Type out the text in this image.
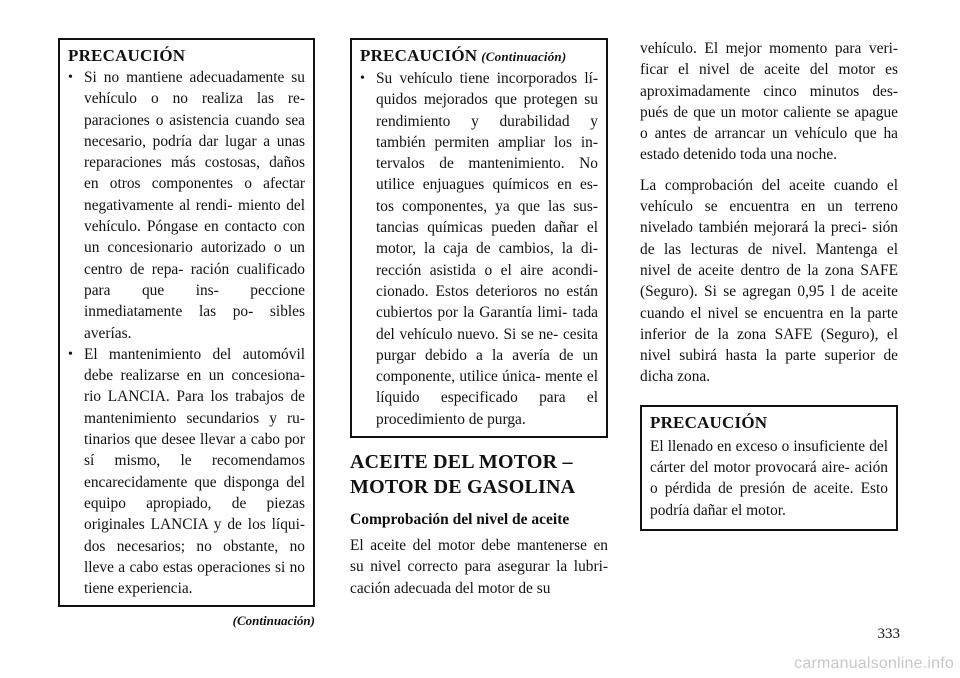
PRECAUCIÓN
• Si no mantiene adecuadamente su vehículo o no realiza las re- paraciones o asistencia cuando sea necesario, podría dar lugar a unas reparaciones más costosas, daños en otros componentes o afectar negativamente al rendi- miento del vehículo. Póngase en contacto con un concesionario autorizado o un centro de repa- ración cualificado para que ins- peccione inmediatamente las po- sibles averías.
• El mantenimiento del automóvil debe realizarse en un concesiona- rio LANCIA. Para los trabajos de mantenimiento secundarios y ru- tinarios que desee llevar a cabo por sí mismo, le recomendamos encarecidamente que disponga del equipo apropiado, de piezas originales LANCIA y de los líqui- dos necesarios; no obstante, no lleve a cabo estas operaciones si no tiene experiencia.
(Continuación)
PRECAUCIÓN (Continuación)
• Su vehículo tiene incorporados lí- quidos mejorados que protegen su rendimiento y durabilidad y también permiten ampliar los in- tervalos de mantenimiento. No utilice enjuagues químicos en es- tos componentes, ya que las sus- tancias químicas pueden dañar el motor, la caja de cambios, la di- rección asistida o el aire acondi- cionado. Estos deterioros no están cubiertos por la Garantía limi- tada del vehículo nuevo. Si se ne- cesita purgar debido a la avería de un componente, utilice única- mente el líquido especificado para el procedimiento de purga.
ACEITE DEL MOTOR –
MOTOR DE GASOLINA
Comprobación del nivel de aceite

El aceite del motor debe mantenerse en su nivel correcto para asegurar la lubri- cación adecuada del motor de su

vehículo. El mejor momento para veri- ficar el nivel de aceite del motor es aproximadamente cinco minutos des- pués de que un motor caliente se apague o antes de arrancar un vehículo que ha estado detenido toda una noche.

La comprobación del aceite cuando el vehículo se encuentra en un terreno nivelado también mejorará la preci- sión de las lecturas de nivel. Mantenga el nivel de aceite dentro de la zona SAFE (Seguro). Si se agregan 0,95 l de aceite cuando el nivel se encuentra en la parte inferior de la zona SAFE (Seguro), el nivel subirá hasta la parte superior de dicha zona.

PRECAUCIÓN

El llenado en exceso o insuficiente del cárter del motor provocará aire- ación o pérdida de presión de aceite. Esto podría dañar el motor.

333
carmanualsonline.info
